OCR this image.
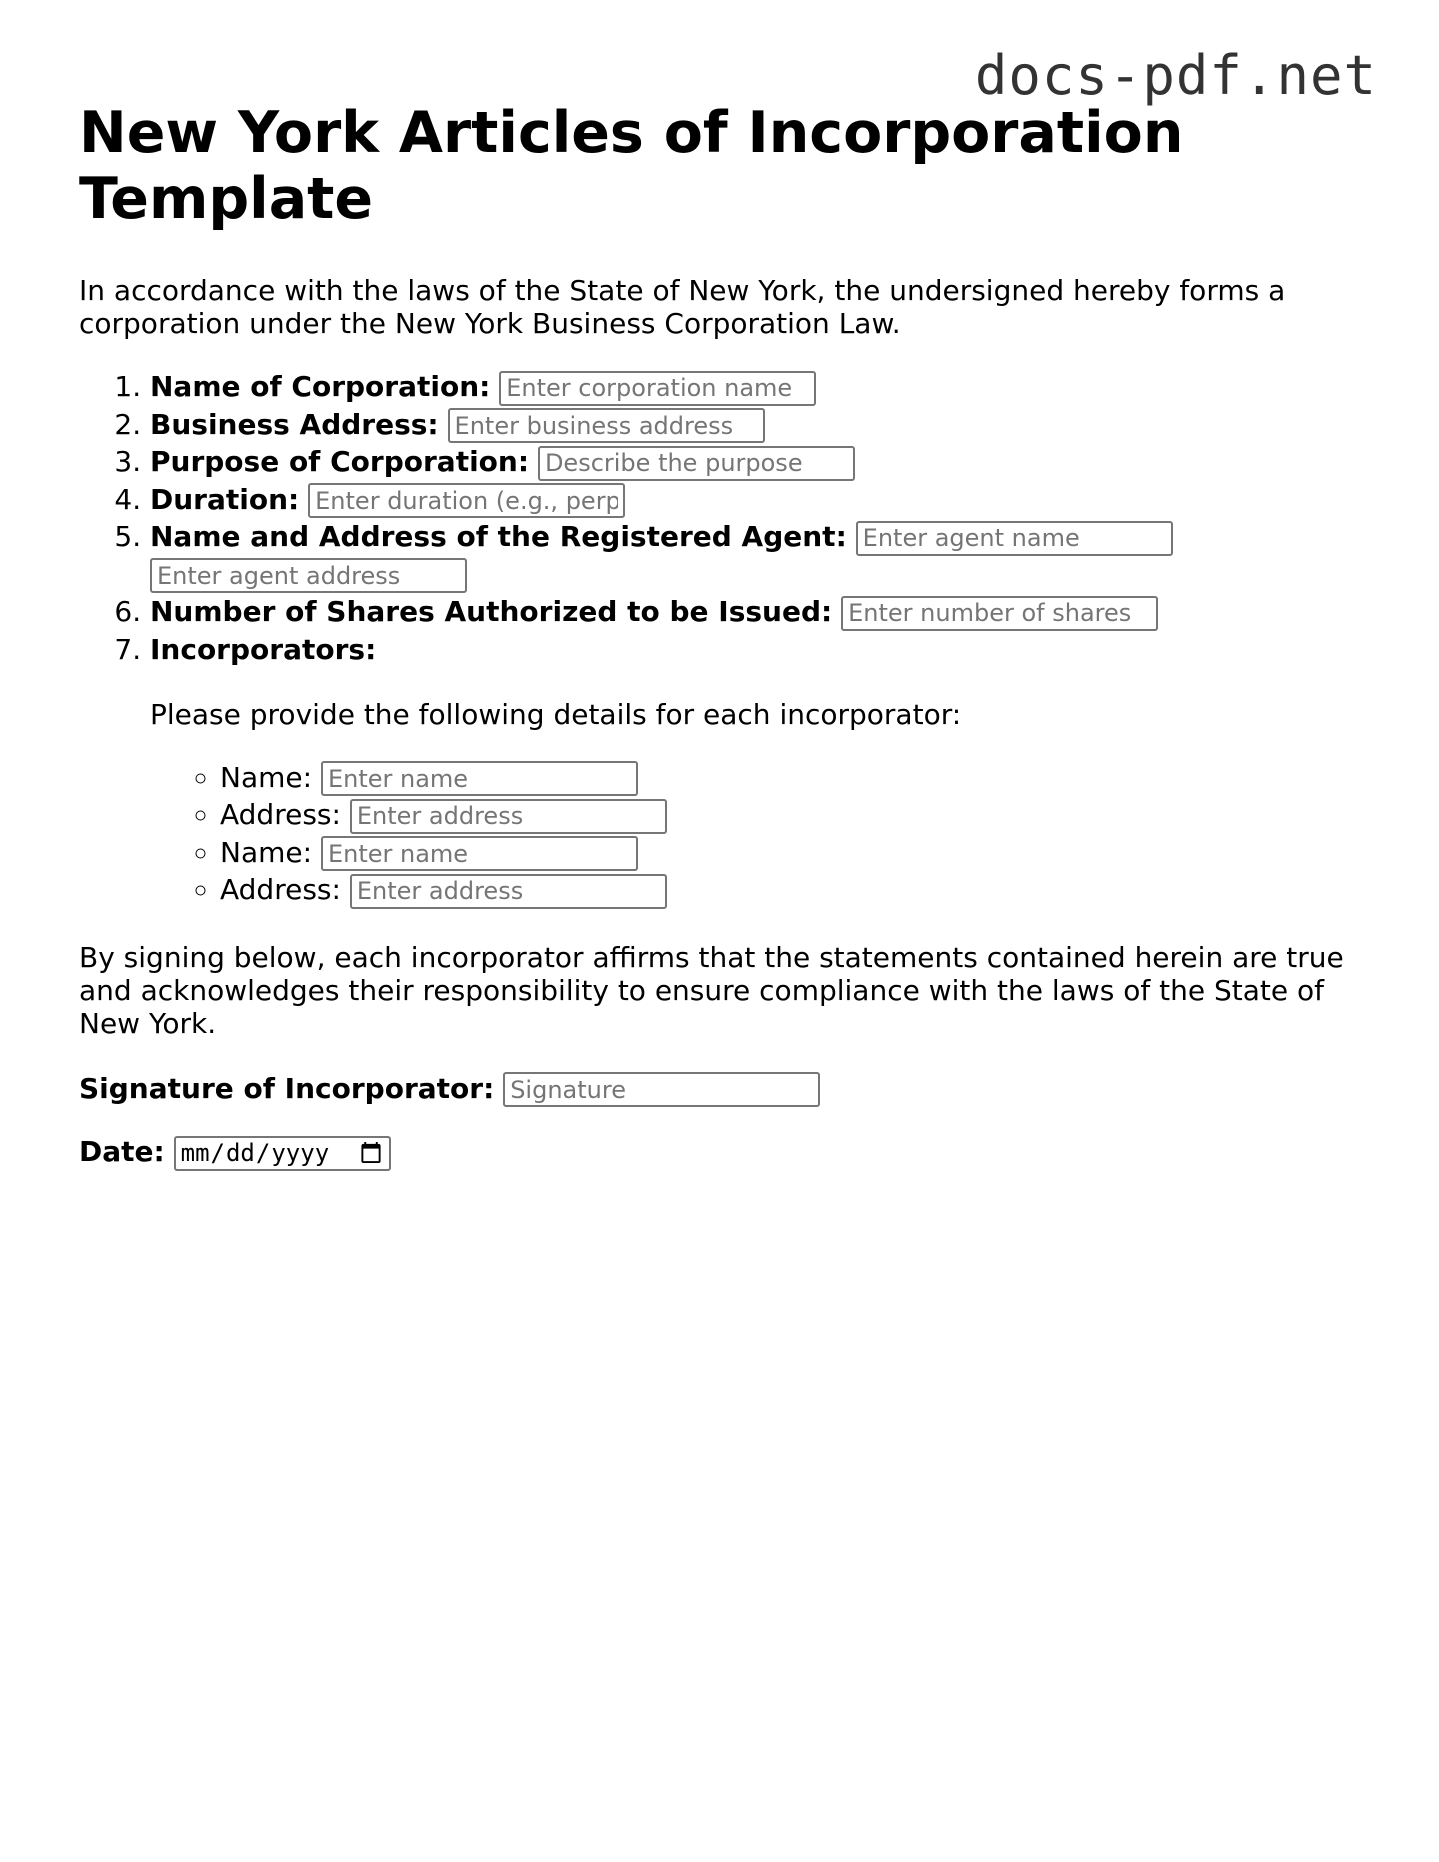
docs-pdf.net
New York Articles of Incorporation Template

In accordance with the laws of the State of New York, the undersigned hereby forms a corporation under the New York Business Corporation Law.

1. Name of Corporation: Enter corporation name
2. Business Address: Enter business address
3. Purpose of Corporation: Describe the purpose
4. Duration: Enter duration (e.g., perpetual)
5. Name and Address of the Registered Agent: Enter agent name Enter agent address
6. Number of Shares Authorized to be Issued: Enter number of shares
7. Incorporators:

Please provide the following details for each incorporator:

◦ Name: Enter name
◦ Address: Enter address
◦ Name: Enter name
◦ Address: Enter address

By signing below, each incorporator affirms that the statements contained herein are true and acknowledges their responsibility to ensure compliance with the laws of the State of New York.

Signature of Incorporator: Signature
Date:
